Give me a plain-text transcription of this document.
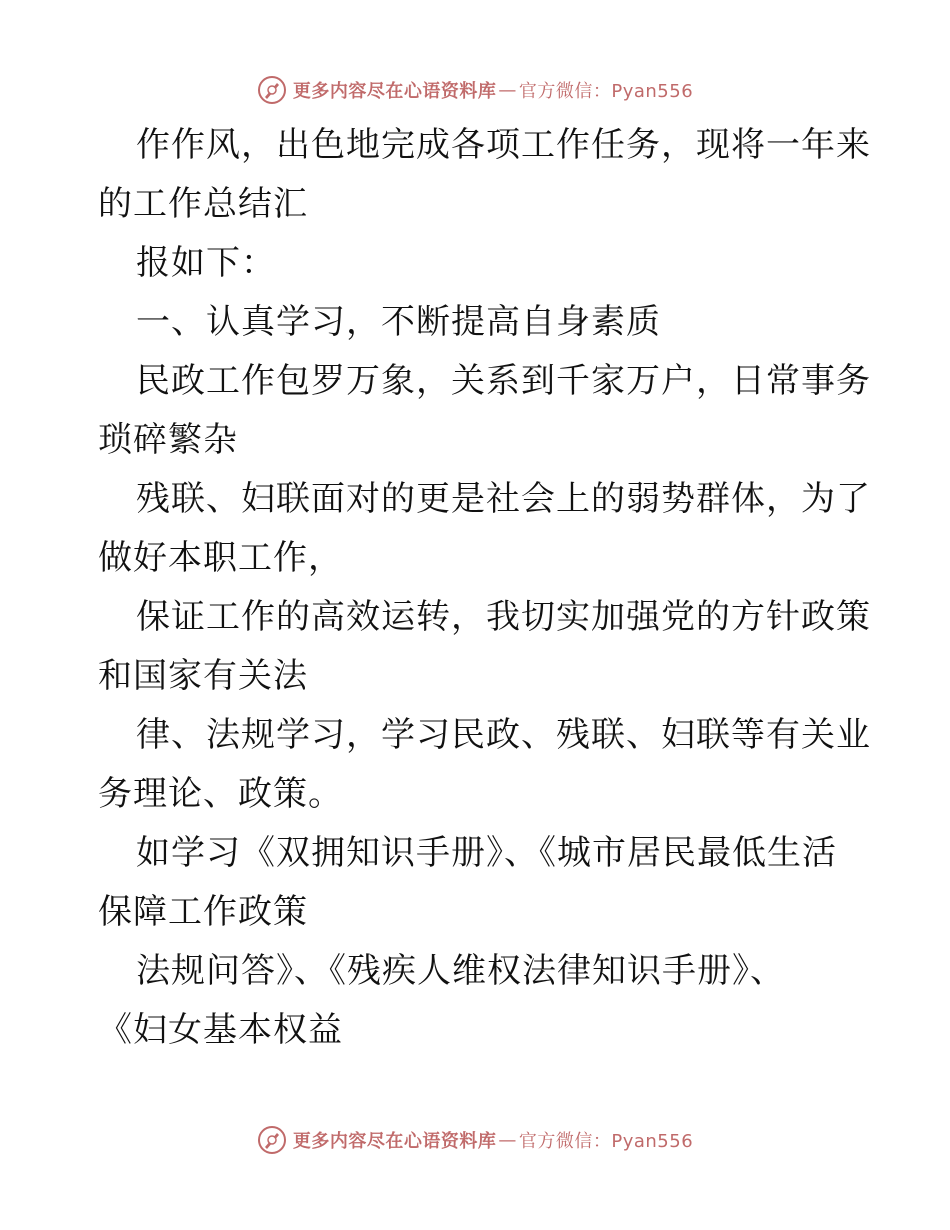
更多内容尽在心语资料库 — 官方微信：Pyan556
作作风，出色地完成各项工作任务，现将一年来
的工作总结汇
报如下：
一、认真学习，不断提高自身素质
民政工作包罗万象，关系到千家万户，日常事务
琐碎繁杂
残联、妇联面对的更是社会上的弱势群体，为了
做好本职工作，
保证工作的高效运转，我切实加强党的方针政策
和国家有关法
律、法规学习，学习民政、残联、妇联等有关业
务理论、政策。
如学习《双拥知识手册》、《城市居民最低生活
保障工作政策
法规问答》、《残疾人维权法律知识手册》、
《妇女基本权益
更多内容尽在心语资料库 — 官方微信：Pyan556
